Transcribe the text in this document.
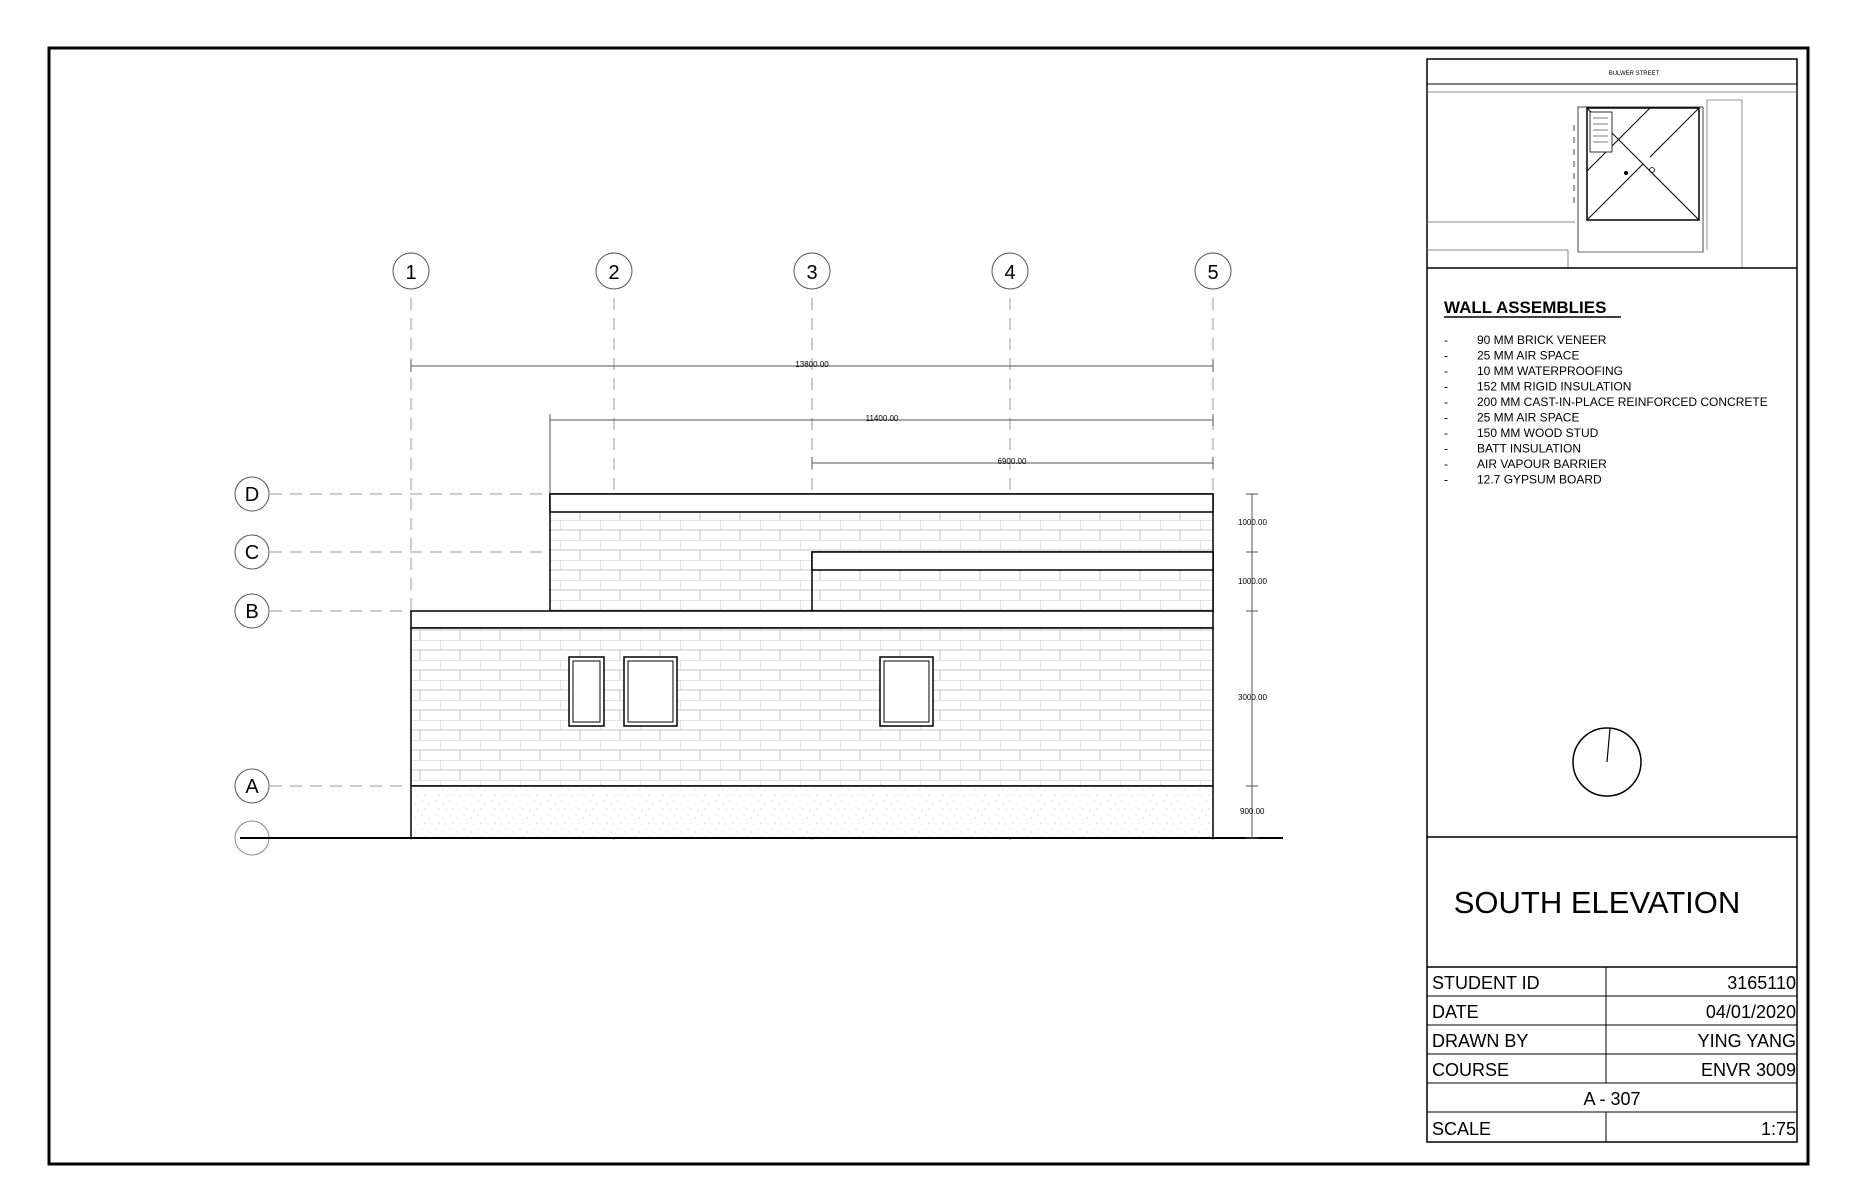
1	2	3	4	5
13800.00
11400.00
6900.00
D
C
B
A
1000.00
1000.00
3000.00
900.00
BULWER STREET
WALL ASSEMBLIES
- 90 MM BRICK VENEER
- 25 MM AIR SPACE
- 10 MM WATERPROOFING
- 152 MM RIGID INSULATION
- 200 MM CAST-IN-PLACE REINFORCED CONCRETE
- 25 MM AIR SPACE
- 150 MM WOOD STUD
- BATT INSULATION
- AIR VAPOUR BARRIER
- 12.7 GYPSUM BOARD
SOUTH ELEVATION
STUDENT ID	3165110
DATE	04/01/2020
DRAWN BY	YING YANG
COURSE	ENVR 3009
A - 307
SCALE	1:75
